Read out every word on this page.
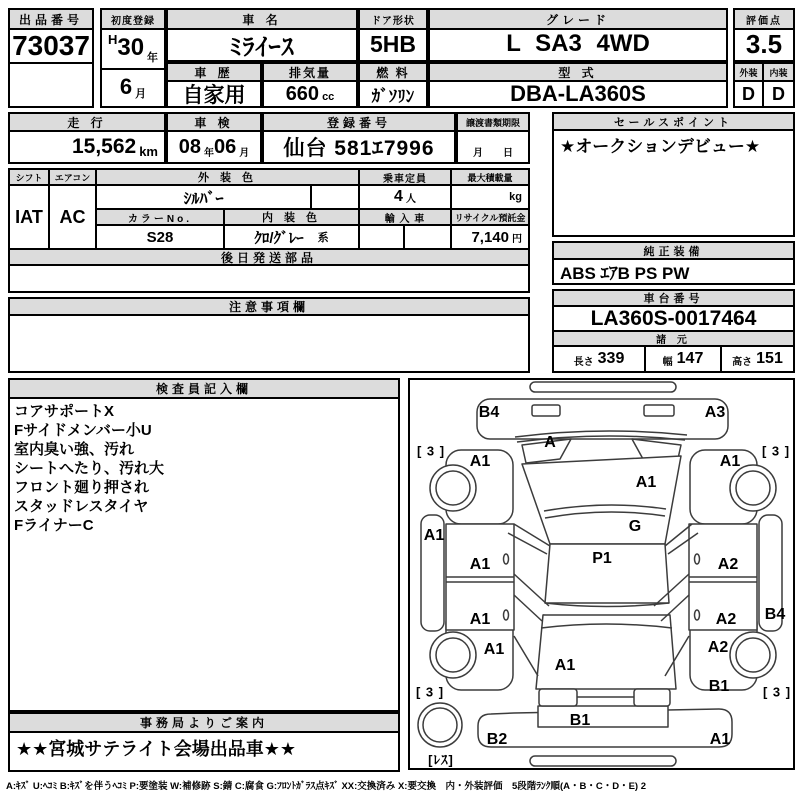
出品番号
73037
初度登録
H 30 年
6 月
車 名
ﾐﾗｲｰｽ
ドア形状
5HB
グレード
L SA3 4WD
評価点
3.5
車 歴
自家用
排気量
660 cc
燃 料
ｶﾞｿﾘﾝ
型 式
DBA-LA360S
外装	内装
D D
走 行
15,562 km
車 検
08 年 06 月
登録番号
仙台 581ｴ7996
譲渡書類期限
月　　日
セールスポイント
★オークションデビュー★
シフト
IAT
エアコン
AC
外 装 色
ｼﾙﾊﾞｰ
乗車定員
4 人
最大積載量
kg
カラーNo.
S28
内 装 色
ｸﾛ/ｸﾞﾚｰ 系
輸 入 車	リサイクル預託金
7,140 円
後日発送部品
注意事項欄
純正装備
ABS ｴｱB PS PW
車台番号
LA360S-0017464
諸 元
長さ 339	幅 147	高さ 151
検査員記入欄
コアサポートX
Fサイドメンバー小U
室内臭い強、汚れ
シートへたり、汚れ大
フロント廻り押され
スタッドレスタイヤ
FライナーC
事務局よりご案内
★★宮城サテライト会場出品車★★
B4	A3
A
A1
A1	A1
A1
G
P1
A1	A2
A1	A2 B4
A1	A2
A1
B1
B1
B2	A1
[ 3 ]	[ 3 ]
[ 3 ]	[ 3 ]
[ﾚｽ]
A:ｷｽﾞ U:ﾍｺﾐ B:ｷｽﾞを伴うﾍｺﾐ P:要塗装 W:補修跡 S:錆 C:腐食 G:ﾌﾛﾝﾄｶﾞﾗｽ点ｷｽﾞ XX:交換済み X:要交換　内・外装評価　5段階ﾗﾝｸ順(A・B・C・D・E) 2
